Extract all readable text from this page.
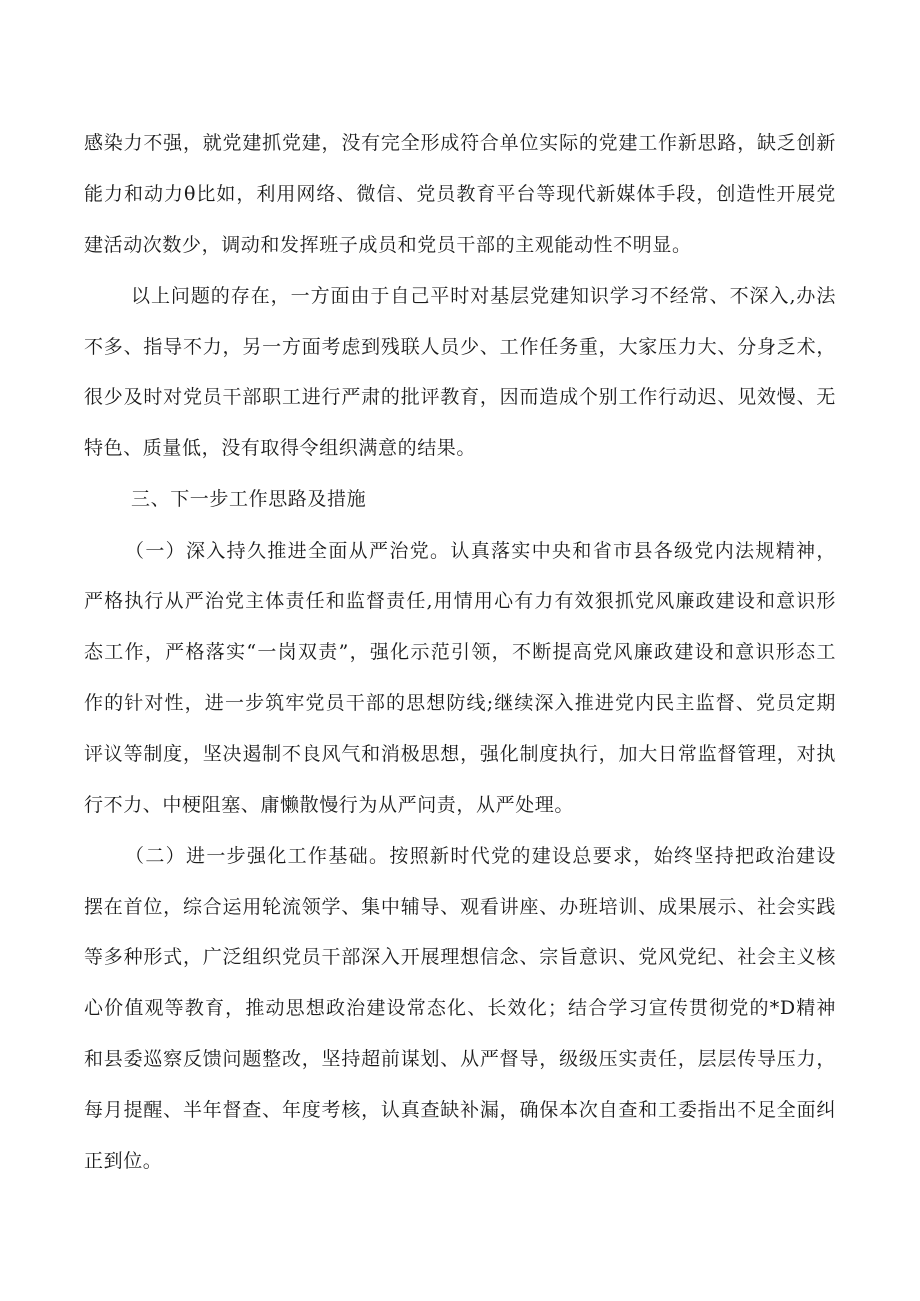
感染力不强，就党建抓党建，没有完全形成符合单位实际的党建工作新思路，缺乏创新
能力和动力θ比如，利用网络、微信、党员教育平台等现代新媒体手段，创造性开展党
建活动次数少，调动和发挥班子成员和党员干部的主观能动性不明显。
以上问题的存在，一方面由于自己平时对基层党建知识学习不经常、不深入,办法
不多、指导不力，另一方面考虑到残联人员少、工作任务重，大家压力大、分身乏术，
很少及时对党员干部职工进行严肃的批评教育，因而造成个别工作行动迟、见效慢、无
特色、质量低，没有取得令组织满意的结果。
三、下一步工作思路及措施
（一）深入持久推进全面从严治党。认真落实中央和省市县各级党内法规精神，
严格执行从严治党主体责任和监督责任,用情用心有力有效狠抓党风廉政建设和意识形
态工作，严格落实“一岗双责”，强化示范引领，不断提高党风廉政建设和意识形态工
作的针对性，进一步筑牢党员干部的思想防线;继续深入推进党内民主监督、党员定期
评议等制度，坚决遏制不良风气和消极思想，强化制度执行，加大日常监督管理，对执
行不力、中梗阻塞、庸懒散慢行为从严问责，从严处理。
（二）进一步强化工作基础。按照新时代党的建设总要求，始终坚持把政治建设
摆在首位，综合运用轮流领学、集中辅导、观看讲座、办班培训、成果展示、社会实践
等多种形式，广泛组织党员干部深入开展理想信念、宗旨意识、党风党纪、社会主义核
心价值观等教育，推动思想政治建设常态化、长效化；结合学习宣传贯彻党的*D精神
和县委巡察反馈问题整改，坚持超前谋划、从严督导，级级压实责任，层层传导压力，
每月提醒、半年督查、年度考核，认真查缺补漏，确保本次自查和工委指出不足全面纠
正到位。
